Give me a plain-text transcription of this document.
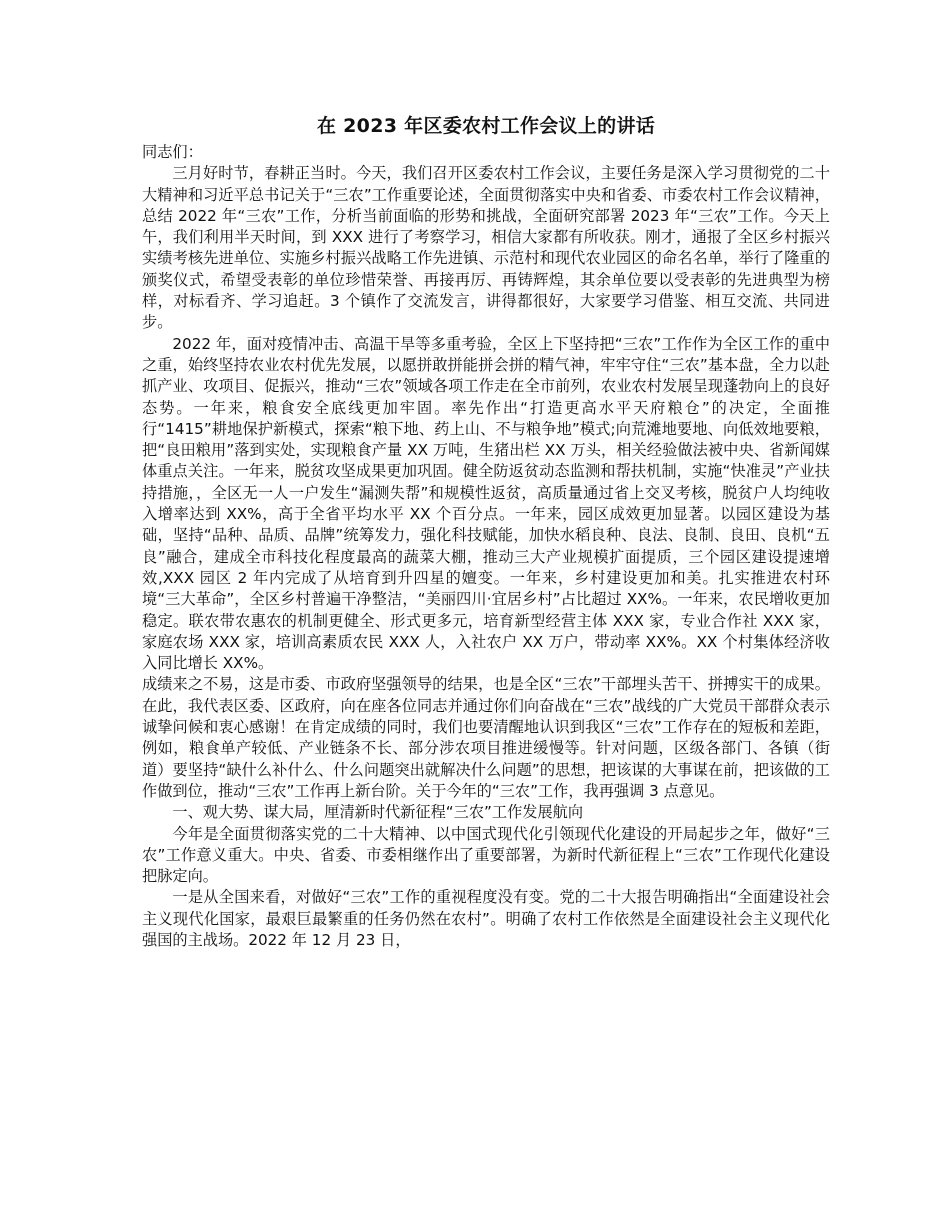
在 2023 年区委农村工作会议上的讲话

同志们：

三月好时节，春耕正当时。今天，我们召开区委农村工作会议，主要任务是深入学习贯彻党的二十大精神和习近平总书记关于“三农”工作重要论述，全面贯彻落实中央和省委、市委农村工作会议精神，总结 2022 年“三农”工作，分析当前面临的形势和挑战，全面研究部署 2023 年“三农”工作。今天上午，我们利用半天时间，到 XXX 进行了考察学习，相信大家都有所收获。刚才，通报了全区乡村振兴实绩考核先进单位、实施乡村振兴战略工作先进镇、示范村和现代农业园区的命名名单，举行了隆重的颁奖仪式，希望受表彰的单位珍惜荣誉、再接再厉、再铸辉煌，其余单位要以受表彰的先进典型为榜样，对标看齐、学习追赶。3 个镇作了交流发言，讲得都很好，大家要学习借鉴、相互交流、共同进步。

2022 年，面对疫情冲击、高温干旱等多重考验，全区上下坚持把“三农”工作作为全区工作的重中之重，始终坚持农业农村优先发展，以愿拼敢拼能拼会拼的精气神，牢牢守住“三农”基本盘，全力以赴抓产业、攻项目、促振兴，推动“三农”领域各项工作走在全市前列，农业农村发展呈现蓬勃向上的良好态势。一年来，粮食安全底线更加牢固。率先作出“打造更高水平天府粮仓”的决定，全面推行“1415”耕地保护新模式，探索“粮下地、药上山、不与粮争地”模式;向荒滩地要地、向低效地要粮，把“良田粮用”落到实处，实现粮食产量 XX 万吨，生猪出栏 XX 万头，相关经验做法被中央、省新闻媒体重点关注。一年来，脱贫攻坚成果更加巩固。健全防返贫动态监测和帮扶机制，实施“快准灵”产业扶持措施，，全区无一人一户发生“漏测失帮”和规模性返贫，高质量通过省上交叉考核，脱贫户人均纯收入增率达到 XX%，高于全省平均水平 XX 个百分点。一年来，园区成效更加显著。以园区建设为基础，坚持“品种、品质、品牌”统筹发力，强化科技赋能，加快水稻良种、良法、良制、良田、良机“五良”融合，建成全市科技化程度最高的蔬菜大棚，推动三大产业规模扩面提质，三个园区建设提速增效,XXX 园区 2 年内完成了从培育到升四星的嬗变。一年来，乡村建设更加和美。扎实推进农村环境“三大革命”，全区乡村普遍干净整洁，“美丽四川·宜居乡村”占比超过 XX%。一年来，农民增收更加稳定。联农带农惠农的机制更健全、形式更多元，培育新型经营主体 XXX 家，专业合作社 XXX 家，家庭农场 XXX 家，培训高素质农民 XXX 人，入社农户 XX 万户，带动率 XX%。XX 个村集体经济收入同比增长 XX%。

成绩来之不易，这是市委、市政府坚强领导的结果，也是全区“三农”干部埋头苦干、拼搏实干的成果。在此，我代表区委、区政府，向在座各位同志并通过你们向奋战在“三农”战线的广大党员干部群众表示诚挚问候和衷心感谢！在肯定成绩的同时，我们也要清醒地认识到我区“三农”工作存在的短板和差距，例如，粮食单产较低、产业链条不长、部分涉农项目推进缓慢等。针对问题，区级各部门、各镇（街道）要坚持“缺什么补什么、什么问题突出就解决什么问题”的思想，把该谋的大事谋在前，把该做的工作做到位，推动“三农”工作再上新台阶。关于今年的“三农”工作，我再强调 3 点意见。

一、观大势、谋大局，厘清新时代新征程“三农”工作发展航向

今年是全面贯彻落实党的二十大精神、以中国式现代化引领现代化建设的开局起步之年，做好“三农”工作意义重大。中央、省委、市委相继作出了重要部署，为新时代新征程上“三农”工作现代化建设把脉定向。

一是从全国来看，对做好“三农”工作的重视程度没有变。党的二十大报告明确指出“全面建设社会主义现代化国家，最艰巨最繁重的任务仍然在农村”。明确了农村工作依然是全面建设社会主义现代化强国的主战场。2022 年 12 月 23 日，
